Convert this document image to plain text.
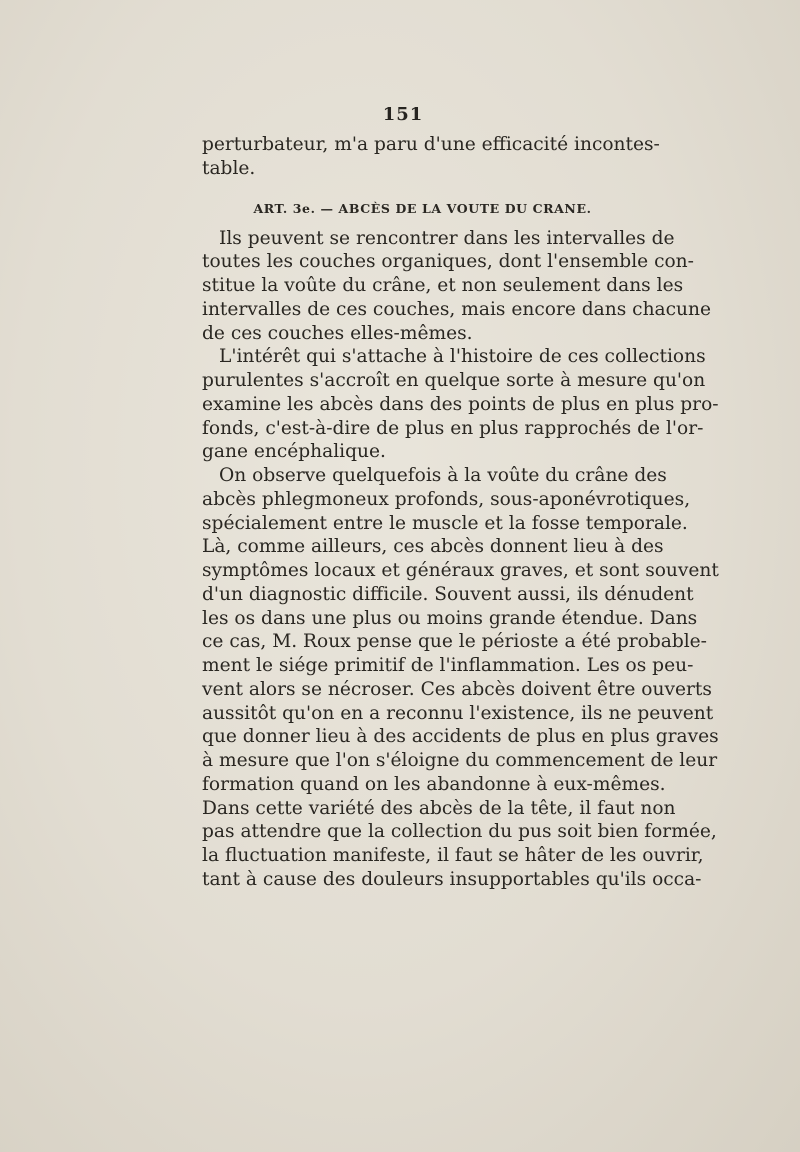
151
perturbateur, m'a paru d'une efficacité incontes-
table.
ART. 3e. — ABCÈS DE LA VOUTE DU CRANE.
Ils peuvent se rencontrer dans les intervalles de
toutes les couches organiques, dont l'ensemble con-
stitue la voûte du crâne, et non seulement dans les
intervalles de ces couches, mais encore dans chacune
de ces couches elles-mêmes.
L'intérêt qui s'attache à l'histoire de ces collections
purulentes s'accroît en quelque sorte à mesure qu'on
examine les abcès dans des points de plus en plus pro-
fonds, c'est-à-dire de plus en plus rapprochés de l'or-
gane encéphalique.
On observe quelquefois à la voûte du crâne des
abcès phlegmoneux profonds, sous-aponévrotiques,
spécialement entre le muscle et la fosse temporale.
Là, comme ailleurs, ces abcès donnent lieu à des
symptômes locaux et généraux graves, et sont souvent
d'un diagnostic difficile. Souvent aussi, ils dénudent
les os dans une plus ou moins grande étendue. Dans
ce cas, M. Roux pense que le périoste a été probable-
ment le siége primitif de l'inflammation. Les os peu-
vent alors se nécroser. Ces abcès doivent être ouverts
aussitôt qu'on en a reconnu l'existence, ils ne peuvent
que donner lieu à des accidents de plus en plus graves
à mesure que l'on s'éloigne du commencement de leur
formation quand on les abandonne à eux-mêmes.
Dans cette variété des abcès de la tête, il faut non
pas attendre que la collection du pus soit bien formée,
la fluctuation manifeste, il faut se hâter de les ouvrir,
tant à cause des douleurs insupportables qu'ils occa-
